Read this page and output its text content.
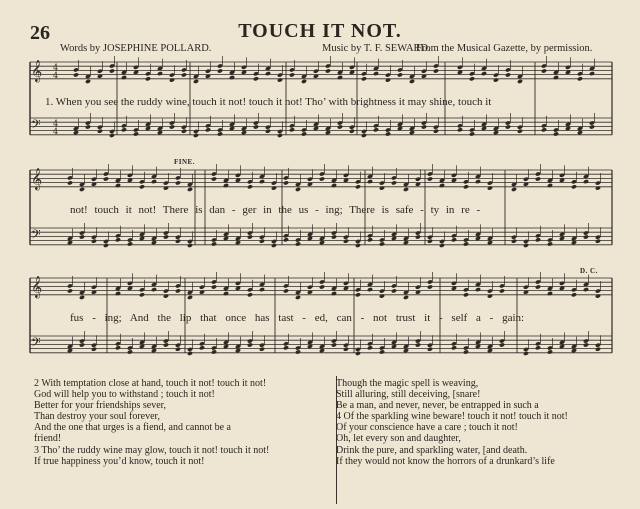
26	TOUCH IT NOT.
Words by JOSEPHINE POLLARD.	Music by T. F. SEWARD.
From the Musical Gazette, by permission.
𝄞 4
4
𝄢 4
4
𝄞
𝄢
𝄞
𝄢
1. When you see the ruddy wine, touch it not! touch it not! Tho’ with brightness it may shine, touch it
not! touch it not! There is dan - ger in the us - ing; There is safe - ty in re -
fus - ing; And the lip that once has tast - ed, can - not trust it - self a - gain:
FINE.
D. C.
2 With temptation close at hand, touch it not! touch it not!
God will help you to withstand ; touch it not!
Better for your friendships sever,
Than destroy your soul forever,
And the one that urges is a fiend, and cannot be a
friend!
3 Tho’ the ruddy wine may glow, touch it not! touch it not!
If true happiness you’d know, touch it not!
Though the magic spell is weaving,
Still alluring, still deceiving, [snare!
Be a man, and never, never, be entrapped in such a
4 Of the sparkling wine beware! touch it not! touch it not!
Of your conscience have a care ; touch it not!
Oh, let every son and daughter,
Drink the pure, and sparkling water, [and death.
If they would not know the horrors of a drunkard’s life
